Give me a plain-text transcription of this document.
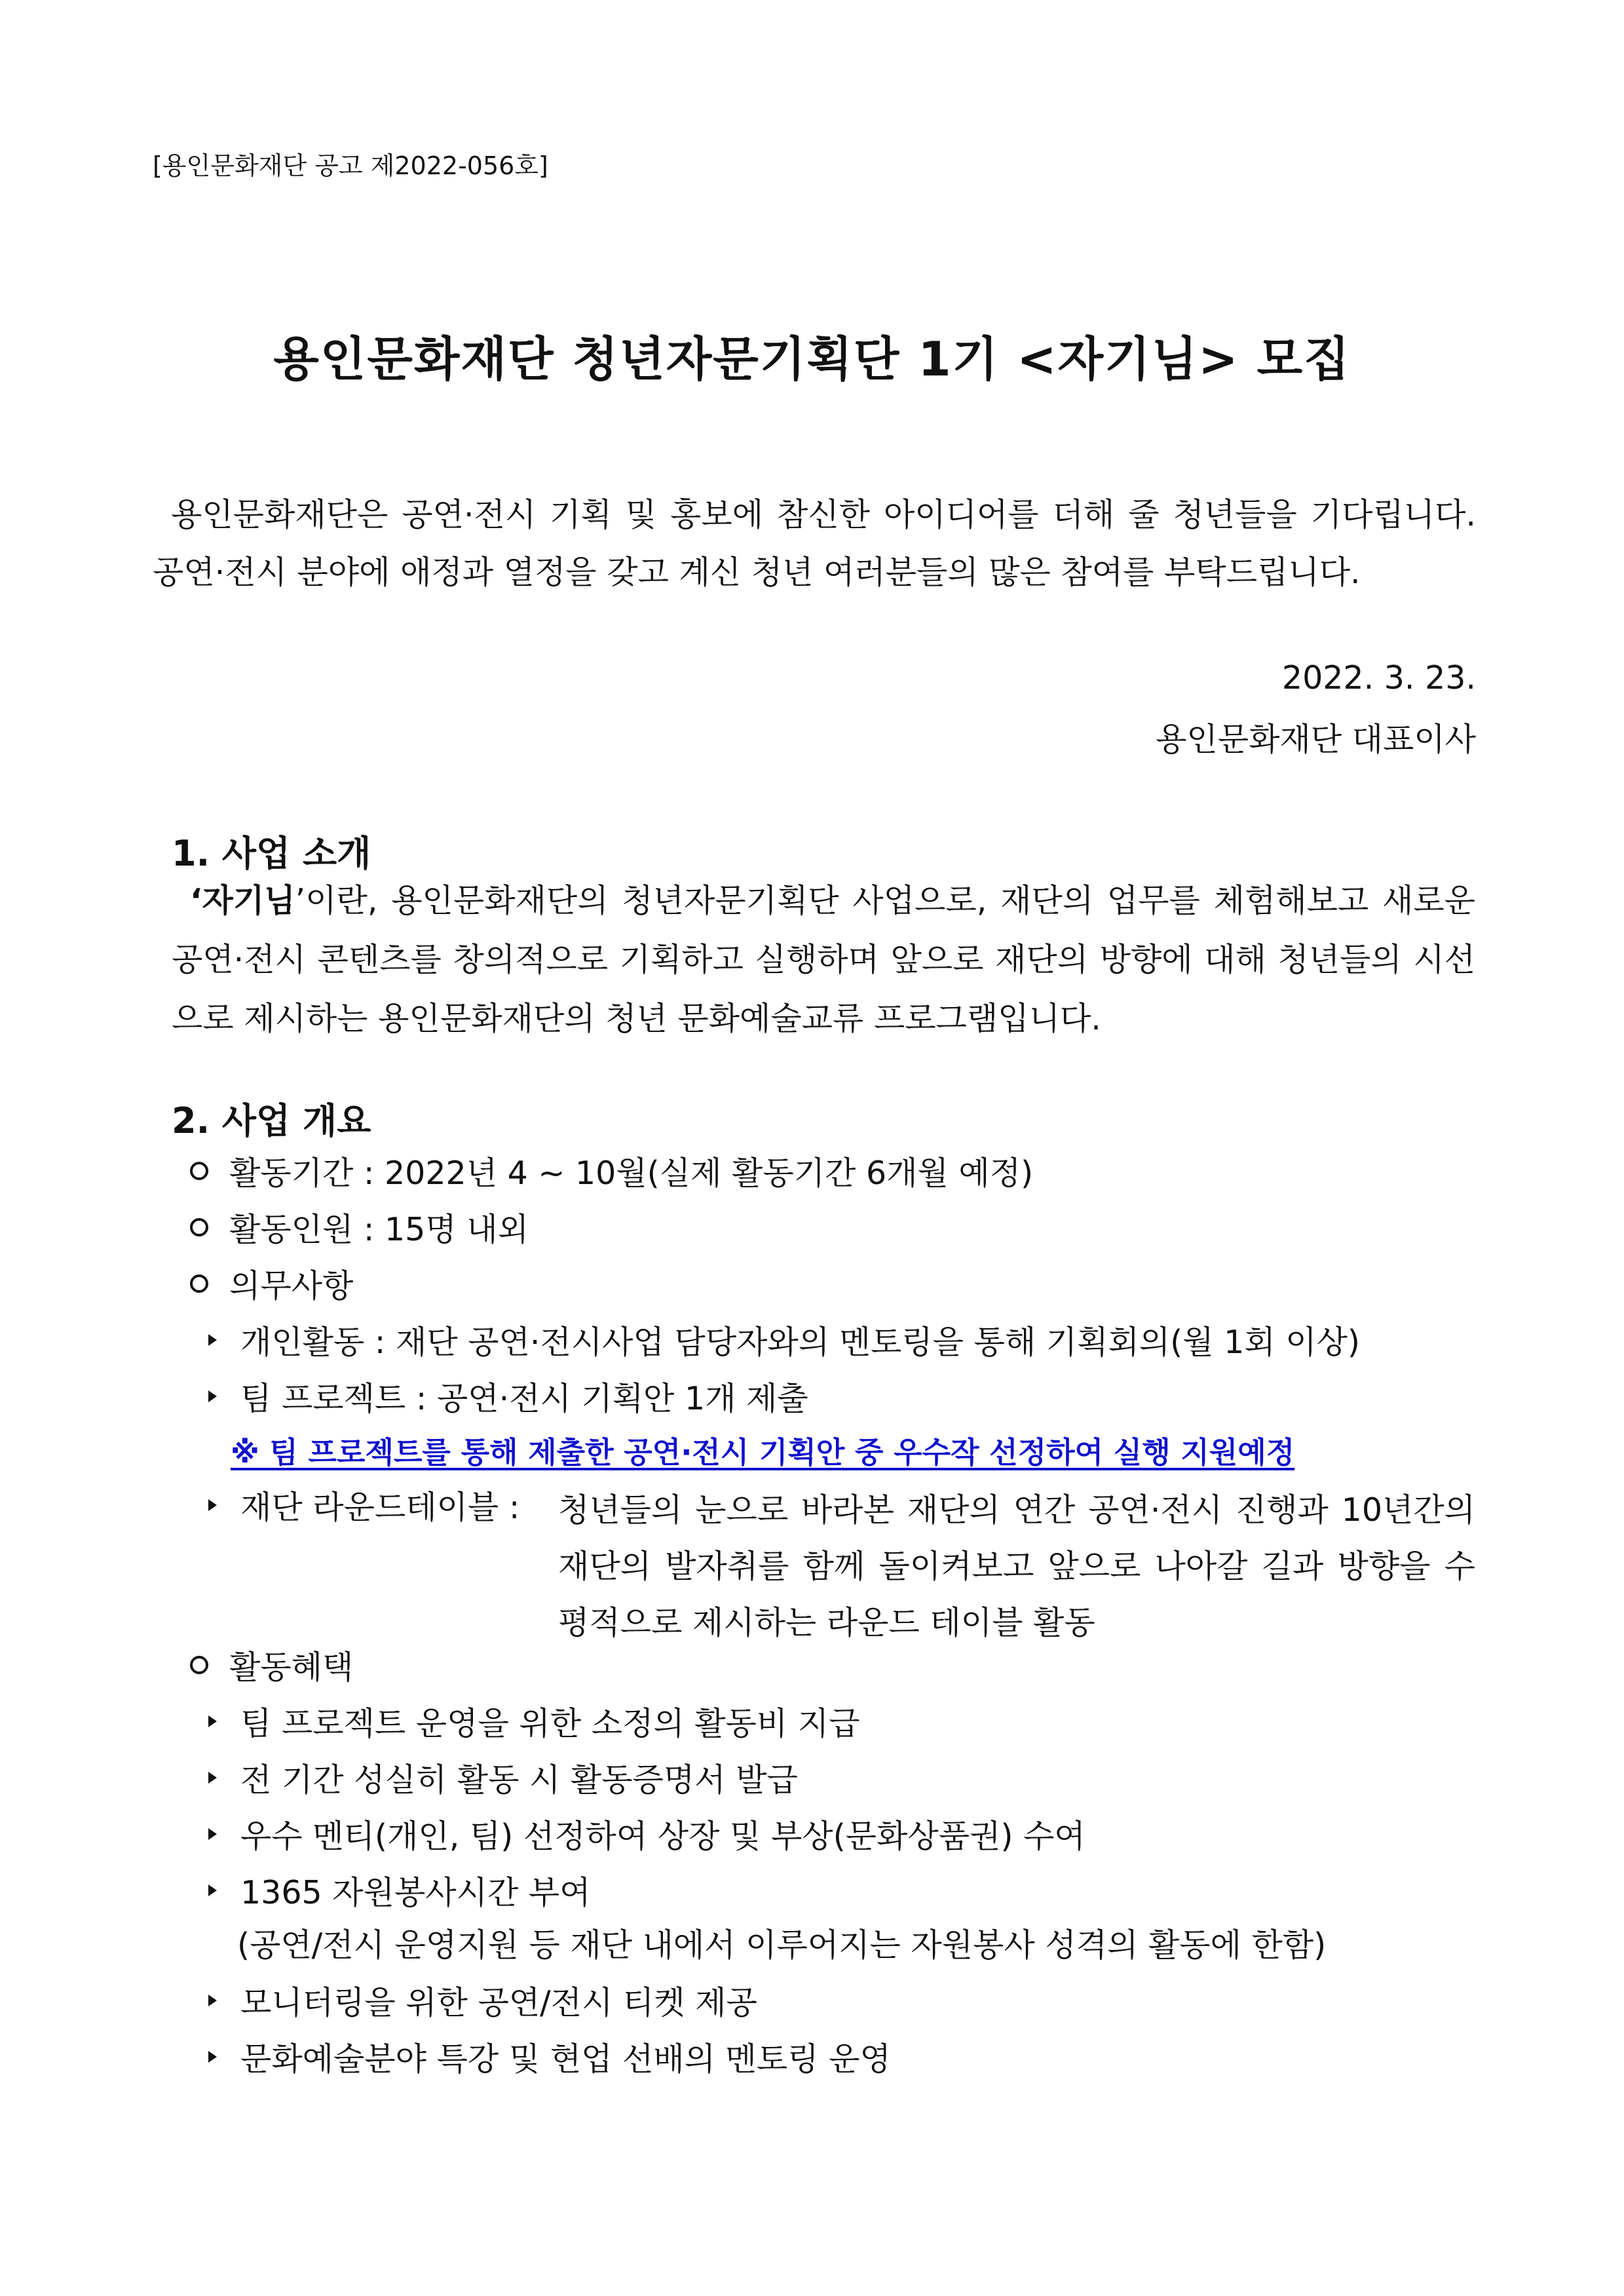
[용인문화재단 공고 제2022-056호]
용인문화재단 청년자문기획단 1기 <자기님> 모집
용인문화재단은 공연·전시 기획 및 홍보에 참신한 아이디어를 더해 줄 청년들을 기다립니다. 공연·전시 분야에 애정과 열정을 갖고 계신 청년 여러분들의 많은 참여를 부탁드립니다.
2022. 3. 23.
용인문화재단 대표이사
1. 사업 소개
‘자기님’이란, 용인문화재단의 청년자문기획단 사업으로, 재단의 업무를 체험해보고 새로운 공연·전시 콘텐츠를 창의적으로 기획하고 실행하며 앞으로 재단의 방향에 대해 청년들의 시선으로 제시하는 용인문화재단의 청년 문화예술교류 프로그램입니다.
2. 사업 개요
활동기간 : 2022년 4 ~ 10월(실제 활동기간 6개월 예정)
활동인원 : 15명 내외
의무사항
개인활동 : 재단 공연·전시사업 담당자와의 멘토링을 통해 기획회의(월 1회 이상)
팀 프로젝트 : 공연·전시 기획안 1개 제출
※ 팀 프로젝트를 통해 제출한 공연·전시 기획안 중 우수작 선정하여 실행 지원예정
재단 라운드테이블 : 청년들의 눈으로 바라본 재단의 연간 공연·전시 진행과 10년간의 재단의 발자취를 함께 돌이켜보고 앞으로 나아갈 길과 방향을 수평적으로 제시하는 라운드 테이블 활동
활동혜택
팀 프로젝트 운영을 위한 소정의 활동비 지급
전 기간 성실히 활동 시 활동증명서 발급
우수 멘티(개인, 팀) 선정하여 상장 및 부상(문화상품권) 수여
1365 자원봉사시간 부여
(공연/전시 운영지원 등 재단 내에서 이루어지는 자원봉사 성격의 활동에 한함)
모니터링을 위한 공연/전시 티켓 제공
문화예술분야 특강 및 현업 선배의 멘토링 운영
